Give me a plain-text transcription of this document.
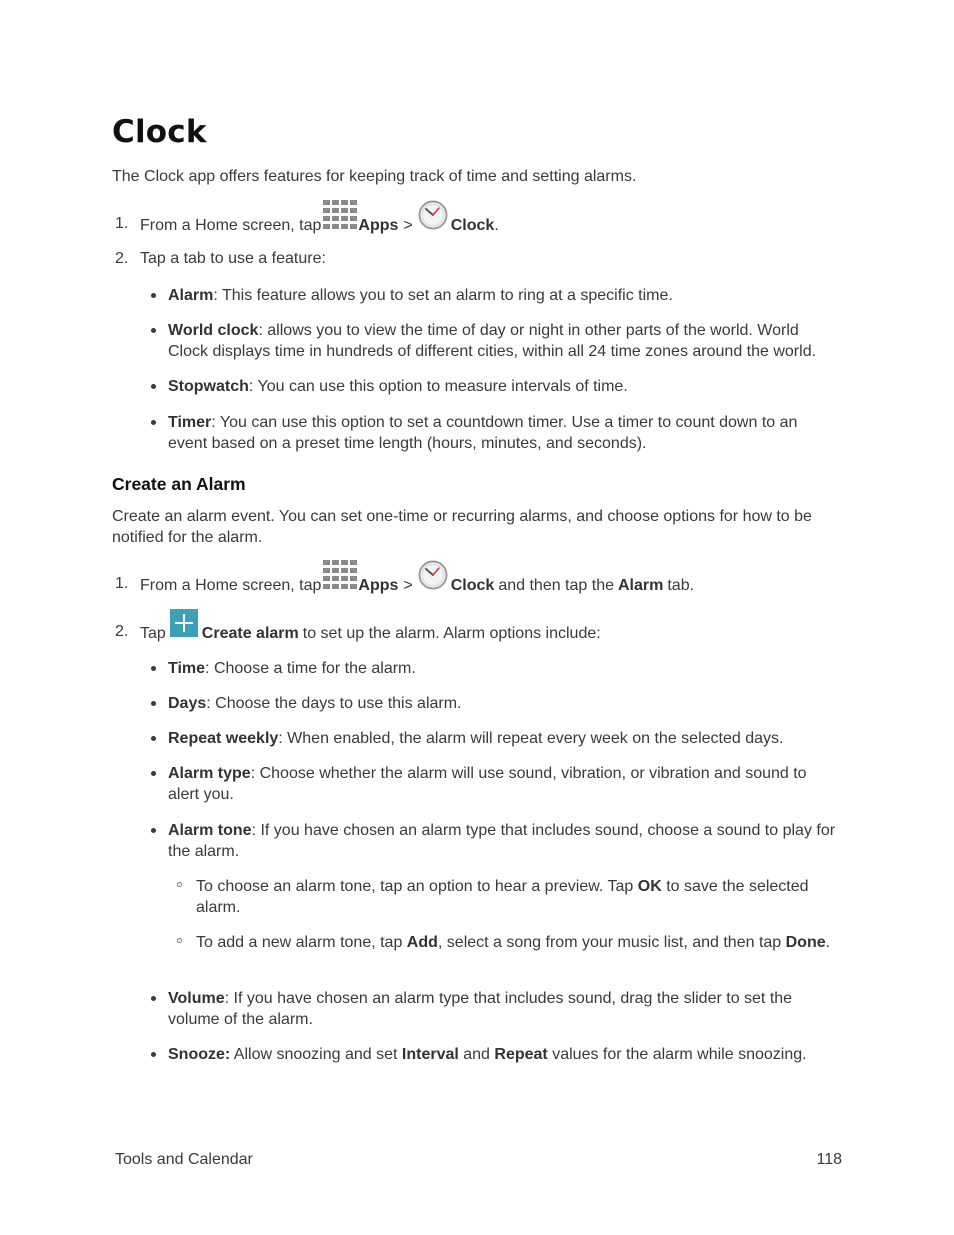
Clock
The Clock app offers features for keeping track of time and setting alarms.
1. From a Home screen, tap Apps > Clock .
2. Tap a tab to use a feature:
Alarm: This feature allows you to set an alarm to ring at a specific time.
World clock: allows you to view the time of day or night in other parts of the world. World Clock displays time in hundreds of different cities, within all 24 time zones around the world.
Stopwatch: You can use this option to measure intervals of time.
Timer: You can use this option to set a countdown timer. Use a timer to count down to an event based on a preset time length (hours, minutes, and seconds).
Create an Alarm
Create an alarm event. You can set one-time or recurring alarms, and choose options for how to be notified for the alarm.
1. From a Home screen, tap Apps > Clock and then tap the Alarm tab.
2. Tap Create alarm to set up the alarm. Alarm options include:
Time: Choose a time for the alarm.
Days: Choose the days to use this alarm.
Repeat weekly: When enabled, the alarm will repeat every week on the selected days.
Alarm type: Choose whether the alarm will use sound, vibration, or vibration and sound to alert you.
Alarm tone: If you have chosen an alarm type that includes sound, choose a sound to play for the alarm.
To choose an alarm tone, tap an option to hear a preview. Tap OK to save the selected alarm.
To add a new alarm tone, tap Add, select a song from your music list, and then tap Done.
Volume: If you have chosen an alarm type that includes sound, drag the slider to set the volume of the alarm.
Snooze: Allow snoozing and set Interval and Repeat values for the alarm while snoozing.
Tools and Calendar	118
